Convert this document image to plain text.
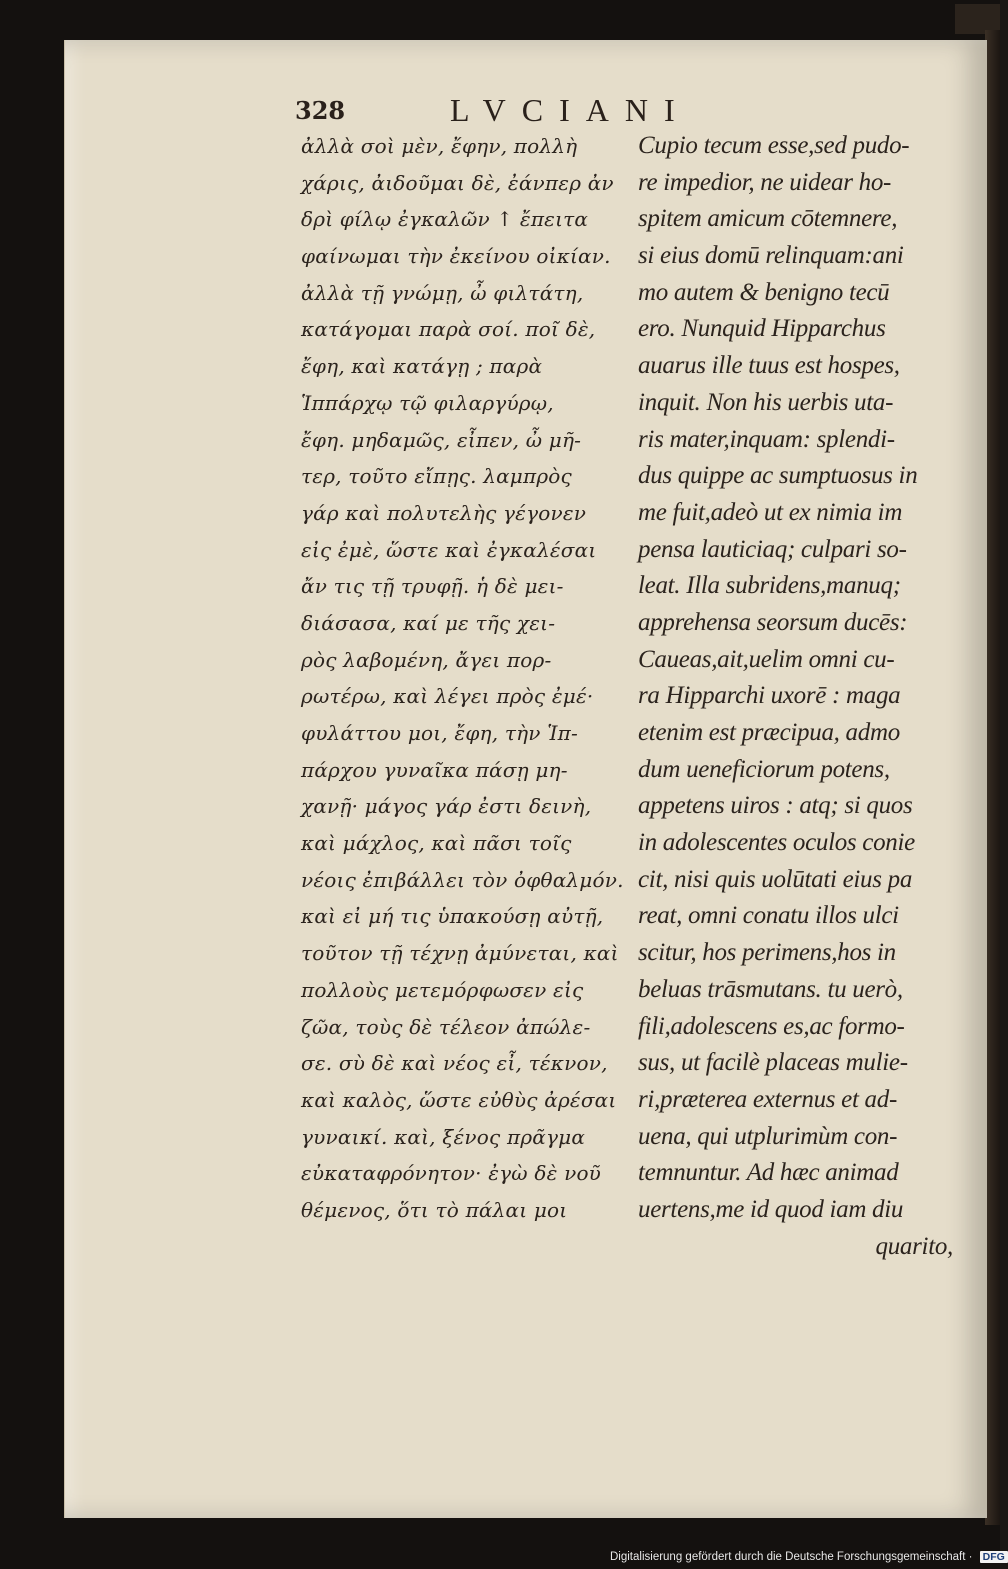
328	LVCIANI
ἀλλὰ σοὶ μὲν, ἔφην, πολλὴ
χάρις, ἀιδοῦμαι δὲ, ἐάνπερ ἀν
δρὶ φίλῳ ἐγκαλῶν ↑ ἔπειτα
φαίνωμαι τὴν ἐκείνου οἰκίαν.
ἀλλὰ τῇ γνώμῃ, ὦ φιλτάτη,
κατάγομαι παρὰ σοί. ποῖ δὲ,
ἔφη, καὶ κατάγῃ ; παρὰ
Ἱππάρχῳ τῷ φιλαργύρῳ,
ἔφη. μηδαμῶς, εἶπεν, ὦ μῆ-
τερ, τοῦτο εἴπῃς. λαμπρὸς
γάρ καὶ πολυτελὴς γέγονεν
εἰς ἐμὲ, ὥστε καὶ ἐγκαλέσαι
ἄν τις τῇ τρυφῇ. ἡ δὲ μει-
διάσασα, καί με τῆς χει-
ρὸς λαβομένη, ἄγει πορ-
ρωτέρω, καὶ λέγει πρὸς ἐμέ·
φυλάττου μοι, ἔφη, τὴν Ἱπ-
πάρχου γυναῖκα πάσῃ μη-
χανῇ· μάγος γάρ ἐστι δεινὴ,
καὶ μάχλος, καὶ πᾶσι τοῖς
νέοις ἐπιβάλλει τὸν ὀφθαλμόν.
καὶ εἰ μή τις ὑπακούσῃ αὐτῇ,
τοῦτον τῇ τέχνῃ ἀμύνεται, καὶ
πολλοὺς μετεμόρφωσεν εἰς
ζῶα, τοὺς δὲ τέλεον ἀπώλε-
σε. σὺ δὲ καὶ νέος εἶ, τέκνον,
καὶ καλὸς, ὥστε εὐθὺς ἀρέσαι
γυναικί. καὶ, ξένος πρᾶγμα
εὐκαταφρόνητον· ἐγὼ δὲ νοῦ
θέμενος, ὅτι τὸ πάλαι μοι
Cupio tecum esse,sed pudo-
re impedior, ne uidear ho-
spitem amicum cōtemnere,
si eius domū relinquam:ani
mo autem & benigno tecū
ero. Nunquid Hipparchus
auarus ille tuus est hospes,
inquit. Non his uerbis uta-
ris mater,inquam: splendi-
dus quippe ac sumptuosus in
me fuit,adeò ut ex nimia im
pensa lauticiaq; culpari so-
leat. Illa subridens,manuq;
apprehensa seorsum ducēs:
Caueas,ait,uelim omni cu-
ra Hipparchi uxorē : maga
etenim est præcipua, admo
dum ueneficiorum potens,
appetens uiros : atq; si quos
in adolescentes oculos conie
cit, nisi quis uolūtati eius pa
reat, omni conatu illos ulci
scitur, hos perimens,hos in
beluas trāsmutans. tu uerò,
fili,adolescens es,ac formo-
sus, ut facilè placeas mulie-
ri,præterea externus et ad-
uena, qui utplurimùm con-
temnuntur. Ad hæc animad
uertens,me id quod iam diu
quarito,
Digitalisierung gefördert durch die Deutsche Forschungsgemeinschaft · DFG
